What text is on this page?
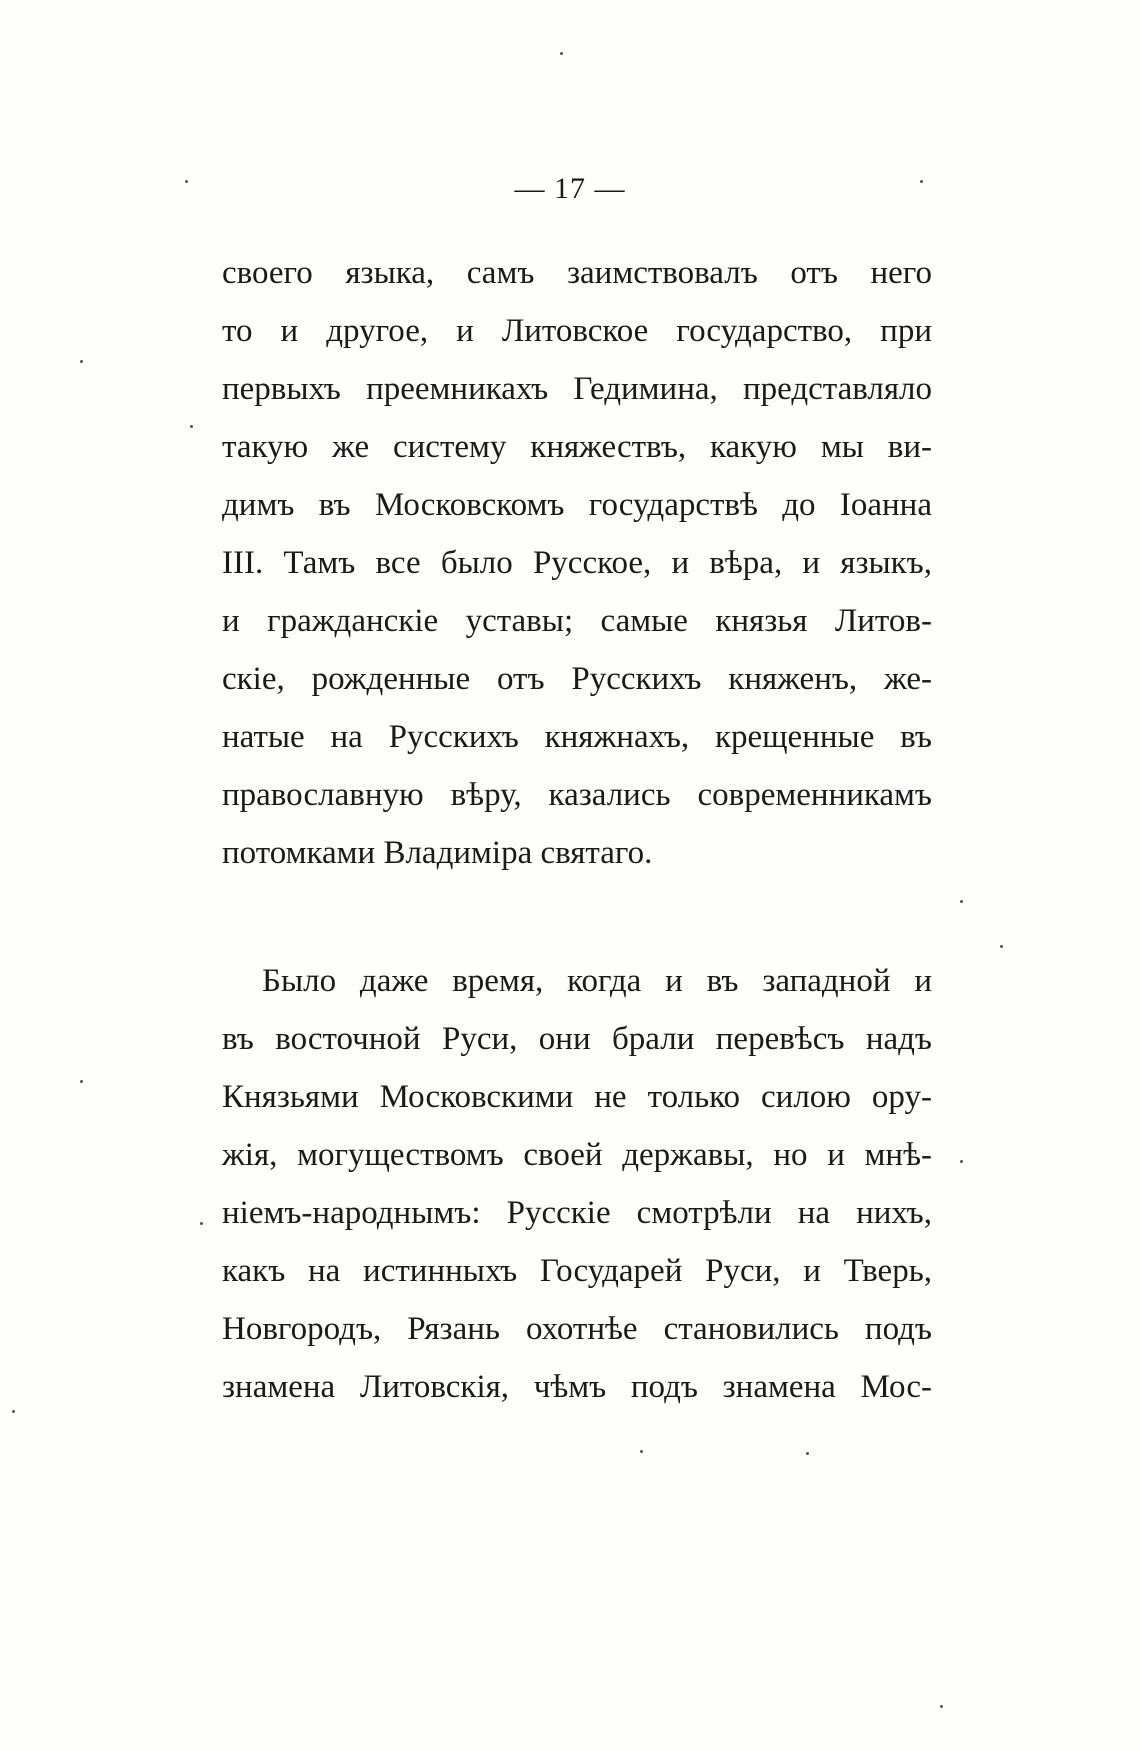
— 17 —
своего языка, самъ заимствовалъ отъ него
то и другое, и Литовское государство, при
первыхъ преемникахъ Гедимина, представляло
такую же систему княжествъ, какую мы ви-
димъ въ Московскомъ государствѣ до Іоанна
III. Тамъ все было Русское, и вѣра, и языкъ,
и гражданскіе уставы; самые князья Литов-
скіе, рожденные отъ Русскихъ княженъ, же-
натые на Русскихъ княжнахъ, крещенные въ
православную вѣру, казались современникамъ
потомками Владиміра святаго.
Было даже время, когда и въ западной и
въ восточной Руси, они брали перевѣсъ надъ
Князьями Московскими не только силою ору-
жія, могуществомъ своей державы, но и мнѣ-
ніемъ-народнымъ: Русскіе смотрѣли на нихъ,
какъ на истинныхъ Государей Руси, и Тверь,
Новгородъ, Рязань охотнѣе становились подъ
знамена Литовскія, чѣмъ подъ знамена Мос-
